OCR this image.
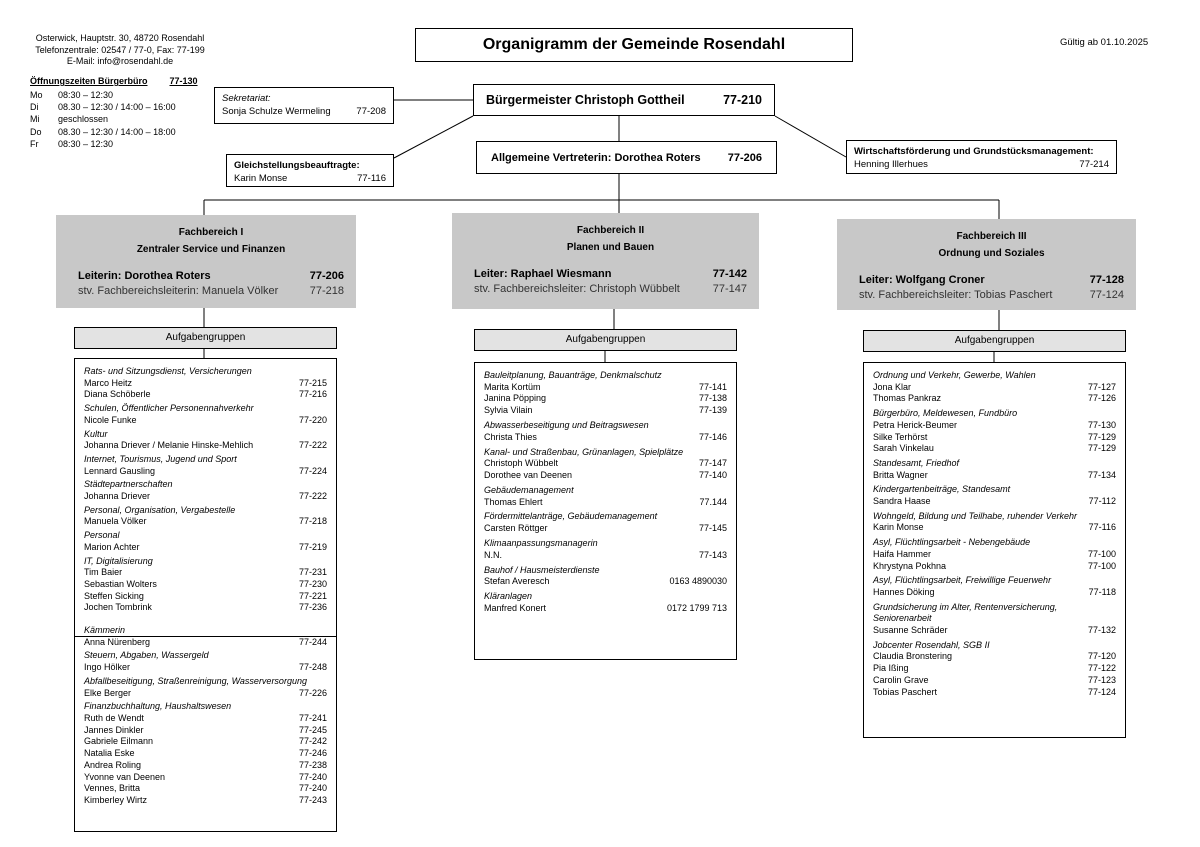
Osterwick, Hauptstr. 30, 48720 Rosendahl
Telefonzentrale: 02547 / 77-0, Fax: 77-199
E-Mail: info@rosendahl.de
Öffnungszeiten Bürgerbüro 77-130
Mo	08:30 – 12:30
Di	08.30 – 12:30 / 14:00 – 16:00
Mi	geschlossen
Do	08.30 – 12:30 / 14:00 – 18:00
Fr	08:30 – 12:30
Organigramm der Gemeinde Rosendahl	Gültig ab 01.10.2025
Bürgermeister Christoph Gottheil	77-210
Sekretariat:
Sonja Schulze Wermeling	77-208
Gleichstellungsbeauftragte:
Karin Monse	77-116
Allgemeine Vertreterin: Dorothea Roters 77-206	Wirtschaftsförderung und Grundstücksmanagement:
Henning Illerhues	77-214
Fachbereich I
Zentraler Service und Finanzen
Leiterin: Dorothea Roters	77-206
stv. Fachbereichsleiterin: Manuela Völker	77-218
Fachbereich II
Planen und Bauen
Leiter: Raphael Wiesmann	77-142
stv. Fachbereichsleiter: Christoph Wübbelt	77-147
Fachbereich III
Ordnung und Soziales
Leiter: Wolfgang Croner	77-128
stv. Fachbereichsleiter: Tobias Paschert	77-124
Aufgabengruppen	Aufgabengruppen	Aufgabengruppen
Rats- und Sitzungsdienst, Versicherungen
Marco Heitz	77-215
Diana Schöberle	77-216
Schulen, Öffentlicher Personennahverkehr
Nicole Funke	77-220
Kultur
Johanna Driever / Melanie Hinske-Mehlich	77-222
Internet, Tourismus, Jugend und Sport
Lennard Gausling	77-224
Städtepartnerschaften
Johanna Driever	77-222
Personal, Organisation, Vergabestelle
Manuela Völker	77-218
Personal
Marion Achter	77-219
IT, Digitalisierung
Tim Baier	77-231
Sebastian Wolters	77-230
Steffen Sicking	77-221
Jochen Tombrink	77-236
Kämmerin
Anna Nürenberg	77-244
Steuern, Abgaben, Wassergeld
Ingo Hölker	77-248
Abfallbeseitigung, Straßenreinigung, Wasserversorgung
Elke Berger	77-226
Finanzbuchhaltung, Haushaltswesen
Ruth de Wendt	77-241
Jannes Dinkler	77-245
Gabriele Eilmann	77-242
Natalia Eske	77-246
Andrea Roling	77-238
Yvonne van Deenen	77-240
Vennes, Britta	77-240
Kimberley Wirtz	77-243
Bauleitplanung, Bauanträge, Denkmalschutz
Marita Kortüm	77-141
Janina Pöpping	77-138
Sylvia Vilain	77-139
Abwasserbeseitigung und Beitragswesen
Christa Thies	77-146
Kanal- und Straßenbau, Grünanlagen, Spielplätze
Christoph Wübbelt	77-147
Dorothee van Deenen	77-140
Gebäudemanagement
Thomas Ehlert	77.144
Fördermittelanträge, Gebäudemanagement
Carsten Röttger	77-145
Klimaanpassungsmanagerin
N.N.	77-143
Bauhof / Hausmeisterdienste
Stefan Averesch	0163 4890030
Kläranlagen
Manfred Konert	0172 1799 713
Ordnung und Verkehr, Gewerbe, Wahlen
Jona Klar	77-127
Thomas Pankraz	77-126
Bürgerbüro, Meldewesen, Fundbüro
Petra Herick-Beumer	77-130
Silke Terhörst	77-129
Sarah Vinkelau	77-129
Standesamt, Friedhof
Britta Wagner	77-134
Kindergartenbeiträge, Standesamt
Sandra Haase	77-112
Wohngeld, Bildung und Teilhabe, ruhender Verkehr
Karin Monse	77-116
Asyl, Flüchtlingsarbeit - Nebengebäude
Haifa Hammer	77-100
Khrystyna Pokhna	77-100
Asyl, Flüchtlingsarbeit, Freiwillige Feuerwehr
Hannes Döking	77-118
Grundsicherung im Alter, Rentenversicherung, Seniorenarbeit
Susanne Schräder	77-132
Jobcenter Rosendahl, SGB II
Claudia Bronstering	77-120
Pia Ißing	77-122
Carolin Grave	77-123
Tobias Paschert	77-124
